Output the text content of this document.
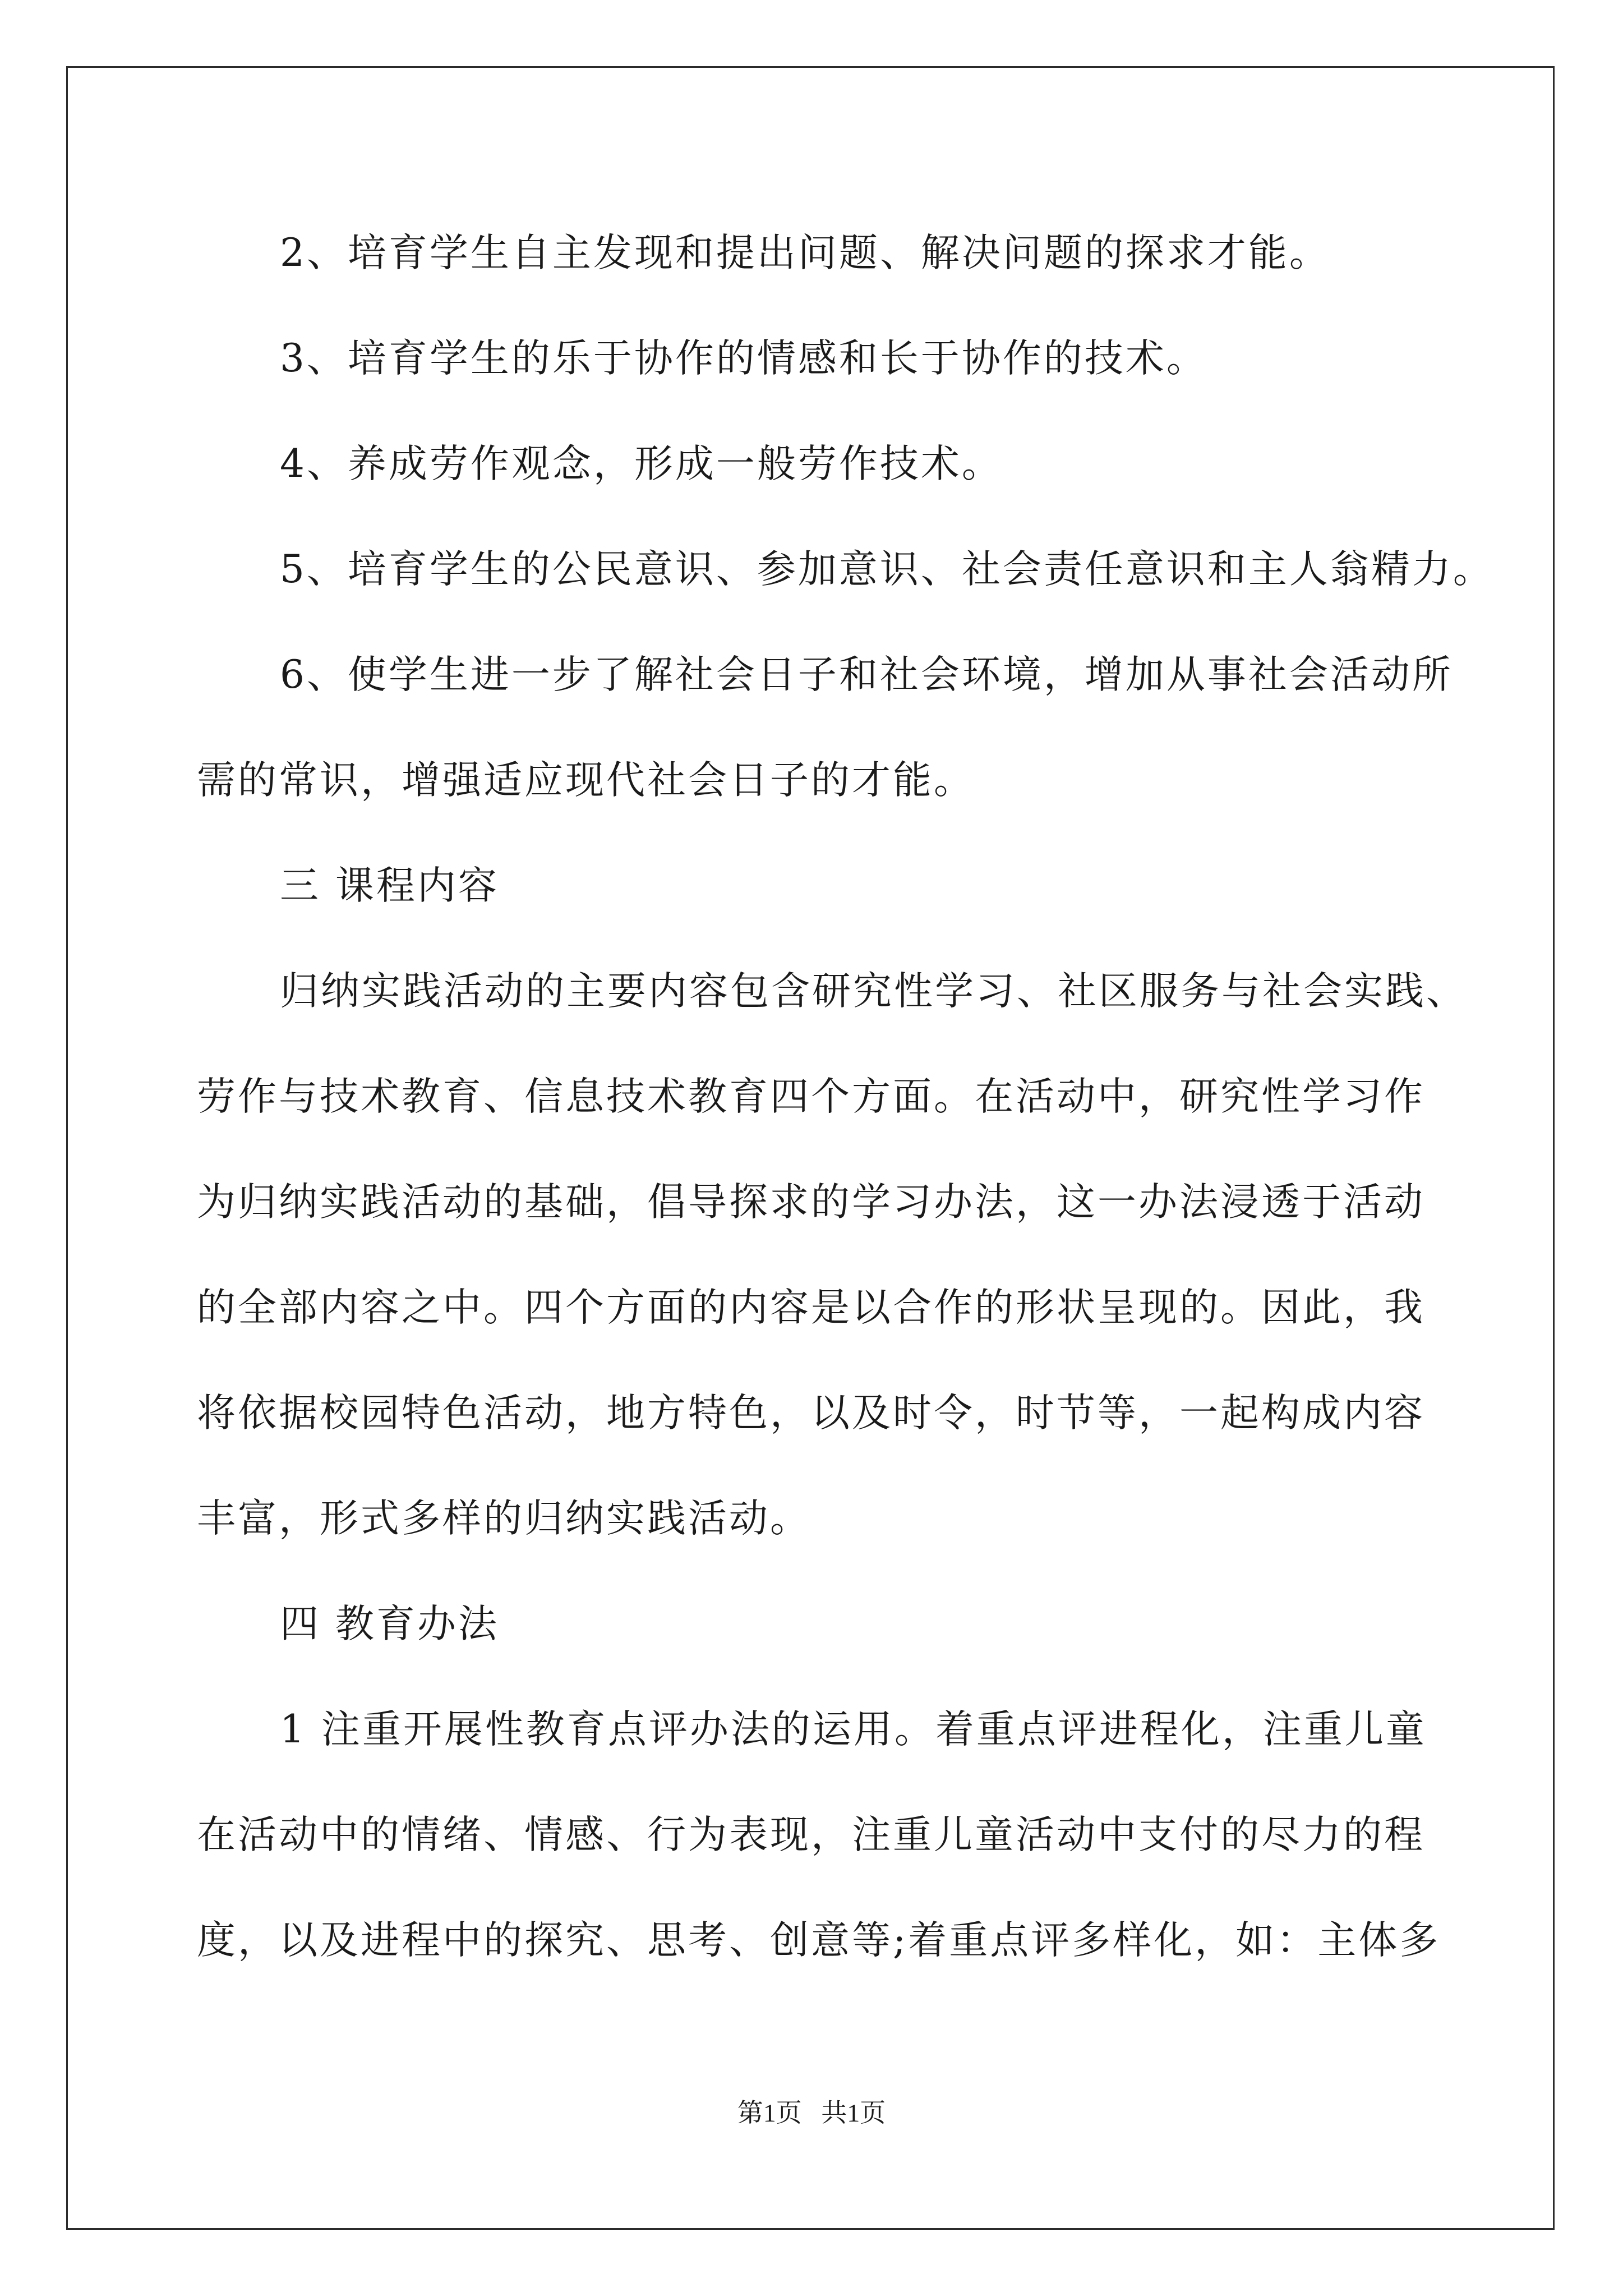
2、培育学生自主发现和提出问题、解决问题的探求才能。
3、培育学生的乐于协作的情感和长于协作的技术。
4、养成劳作观念，形成一般劳作技术。
5、培育学生的公民意识、参加意识、社会责任意识和主人翁精力。
6、使学生进一步了解社会日子和社会环境，增加从事社会活动所
需的常识，增强适应现代社会日子的才能。
三 课程内容
归纳实践活动的主要内容包含研究性学习、社区服务与社会实践、
劳作与技术教育、信息技术教育四个方面。在活动中，研究性学习作
为归纳实践活动的基础，倡导探求的学习办法，这一办法浸透于活动
的全部内容之中。四个方面的内容是以合作的形状呈现的。因此，我
将依据校园特色活动，地方特色，以及时令，时节等，一起构成内容
丰富，形式多样的归纳实践活动。
四 教育办法
1 注重开展性教育点评办法的运用。着重点评进程化，注重儿童
在活动中的情绪、情感、行为表现，注重儿童活动中支付的尽力的程
度，以及进程中的探究、思考、创意等;着重点评多样化，如：主体多
第1页   共1页
